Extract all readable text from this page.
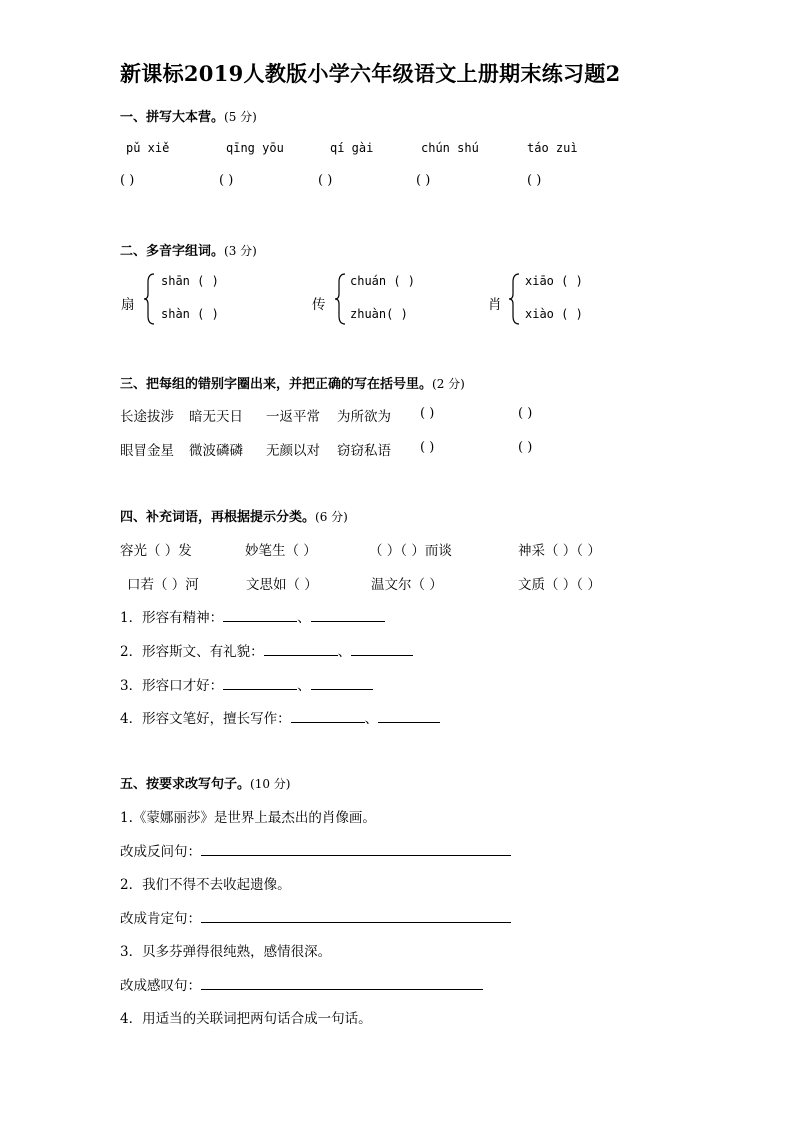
新课标2019人教版小学六年级语文上册期末练习题2
一、拼写大本营。(5 分)
pǔ xiě	qīng yōu	qí gài	chún shú	táo zuì
( )	( )	( )	( )	( )
二、多音字组词。(3 分)
扇
shān ( )
shàn ( )
传
chuán ( )
zhuàn( )
肖
xiāo ( )
xiào ( )
三、把每组的错别字圈出来，并把正确的写在括号里。(2 分)
长途拔涉 暗无天日 一返平常 为所欲为 ( )	( )
眼冒金星 微波磷磷 无颜以对 窃窃私语 ( )	( )
四、补充词语，再根据提示分类。(6 分)
容光（ ）发	妙笔生（ ）	（ ）（ ）而谈	神采（ ）（ ）
口若（ ）河	文思如（ ）	温文尔（ ）	文质（ ）（ ）
1．形容有精神：	、
2．形容斯文、有礼貌：	、
3．形容口才好：	、
4．形容文笔好，擅长写作：	、
五、按要求改写句子。(10 分)
1.《蒙娜丽莎》是世界上最杰出的肖像画。
改成反问句：
2．我们不得不去收起遗像。
改成肯定句：
3．贝多芬弹得很纯熟，感情很深。
改成感叹句：
4．用适当的关联词把两句话合成一句话。
